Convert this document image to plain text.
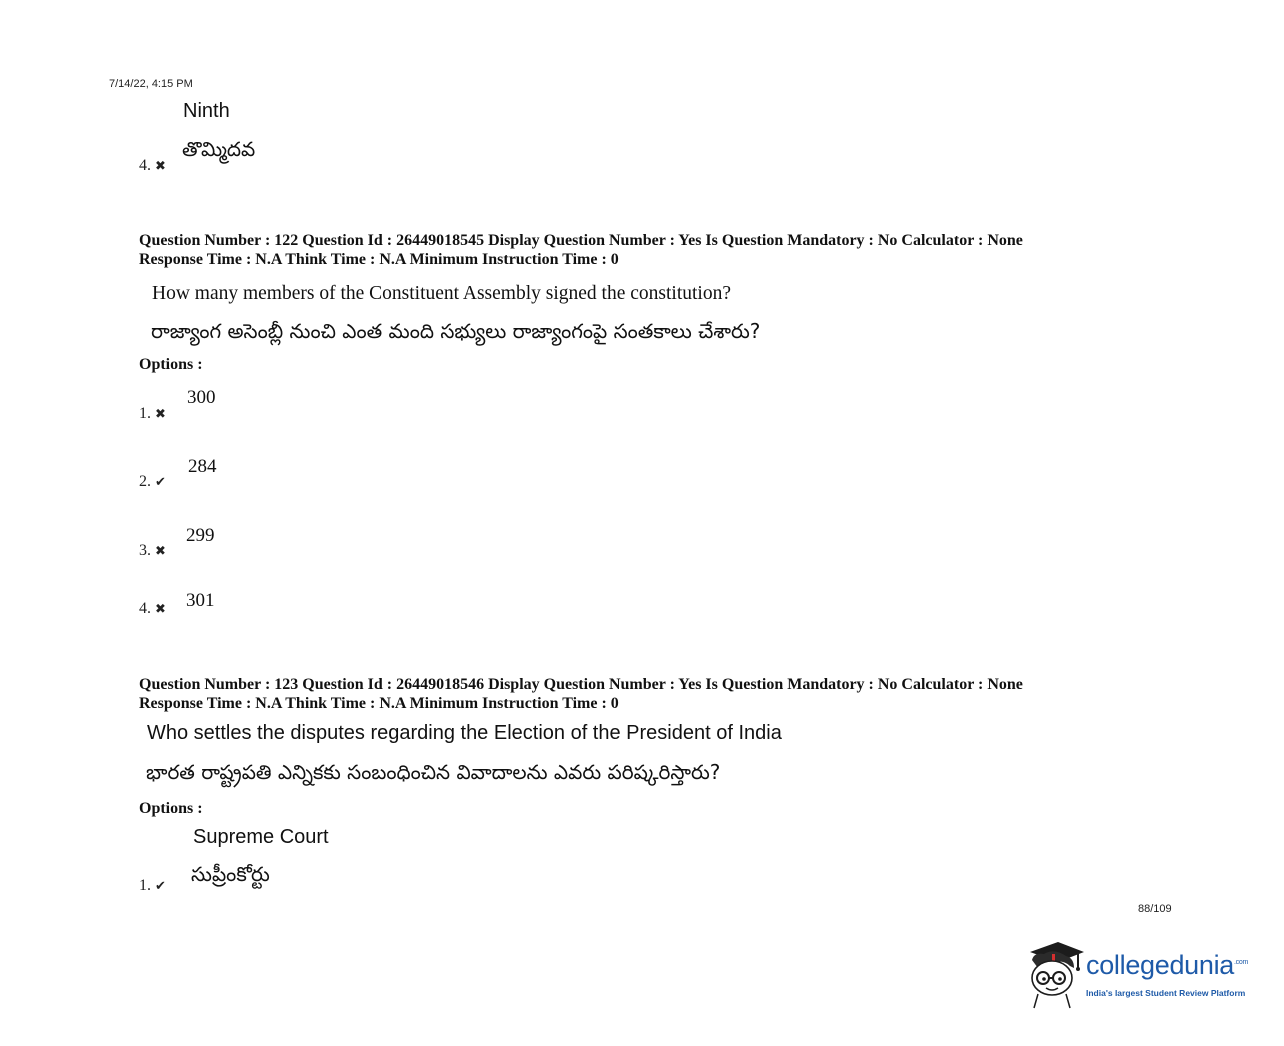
7/14/22, 4:15 PM
Ninth
తొమ్మిదవ
4. ✖
Question Number : 122 Question Id : 26449018545 Display Question Number : Yes Is Question Mandatory : No Calculator : None
Response Time : N.A Think Time : N.A Minimum Instruction Time : 0
How many members of the Constituent Assembly signed the constitution?
రాజ్యాంగ అసెంబ్లీ నుంచి ఎంత మంది సభ్యులు రాజ్యాంగంపై సంతకాలు చేశారు?
Options :
300
1. ✖
284
2. ✔
299
3. ✖
301
4. ✖
Question Number : 123 Question Id : 26449018546 Display Question Number : Yes Is Question Mandatory : No Calculator : None
Response Time : N.A Think Time : N.A Minimum Instruction Time : 0
Who settles the disputes regarding the Election of the President of India
భారత రాష్ట్రపతి ఎన్నికకు సంబంధించిన వివాదాలను ఎవరు పరిష్కరిస్తారు?
Options :
Supreme Court
సుప్రీంకోర్టు
1. ✔
88/109
collegedunia$^{.com}$
India's largest Student Review Platform
